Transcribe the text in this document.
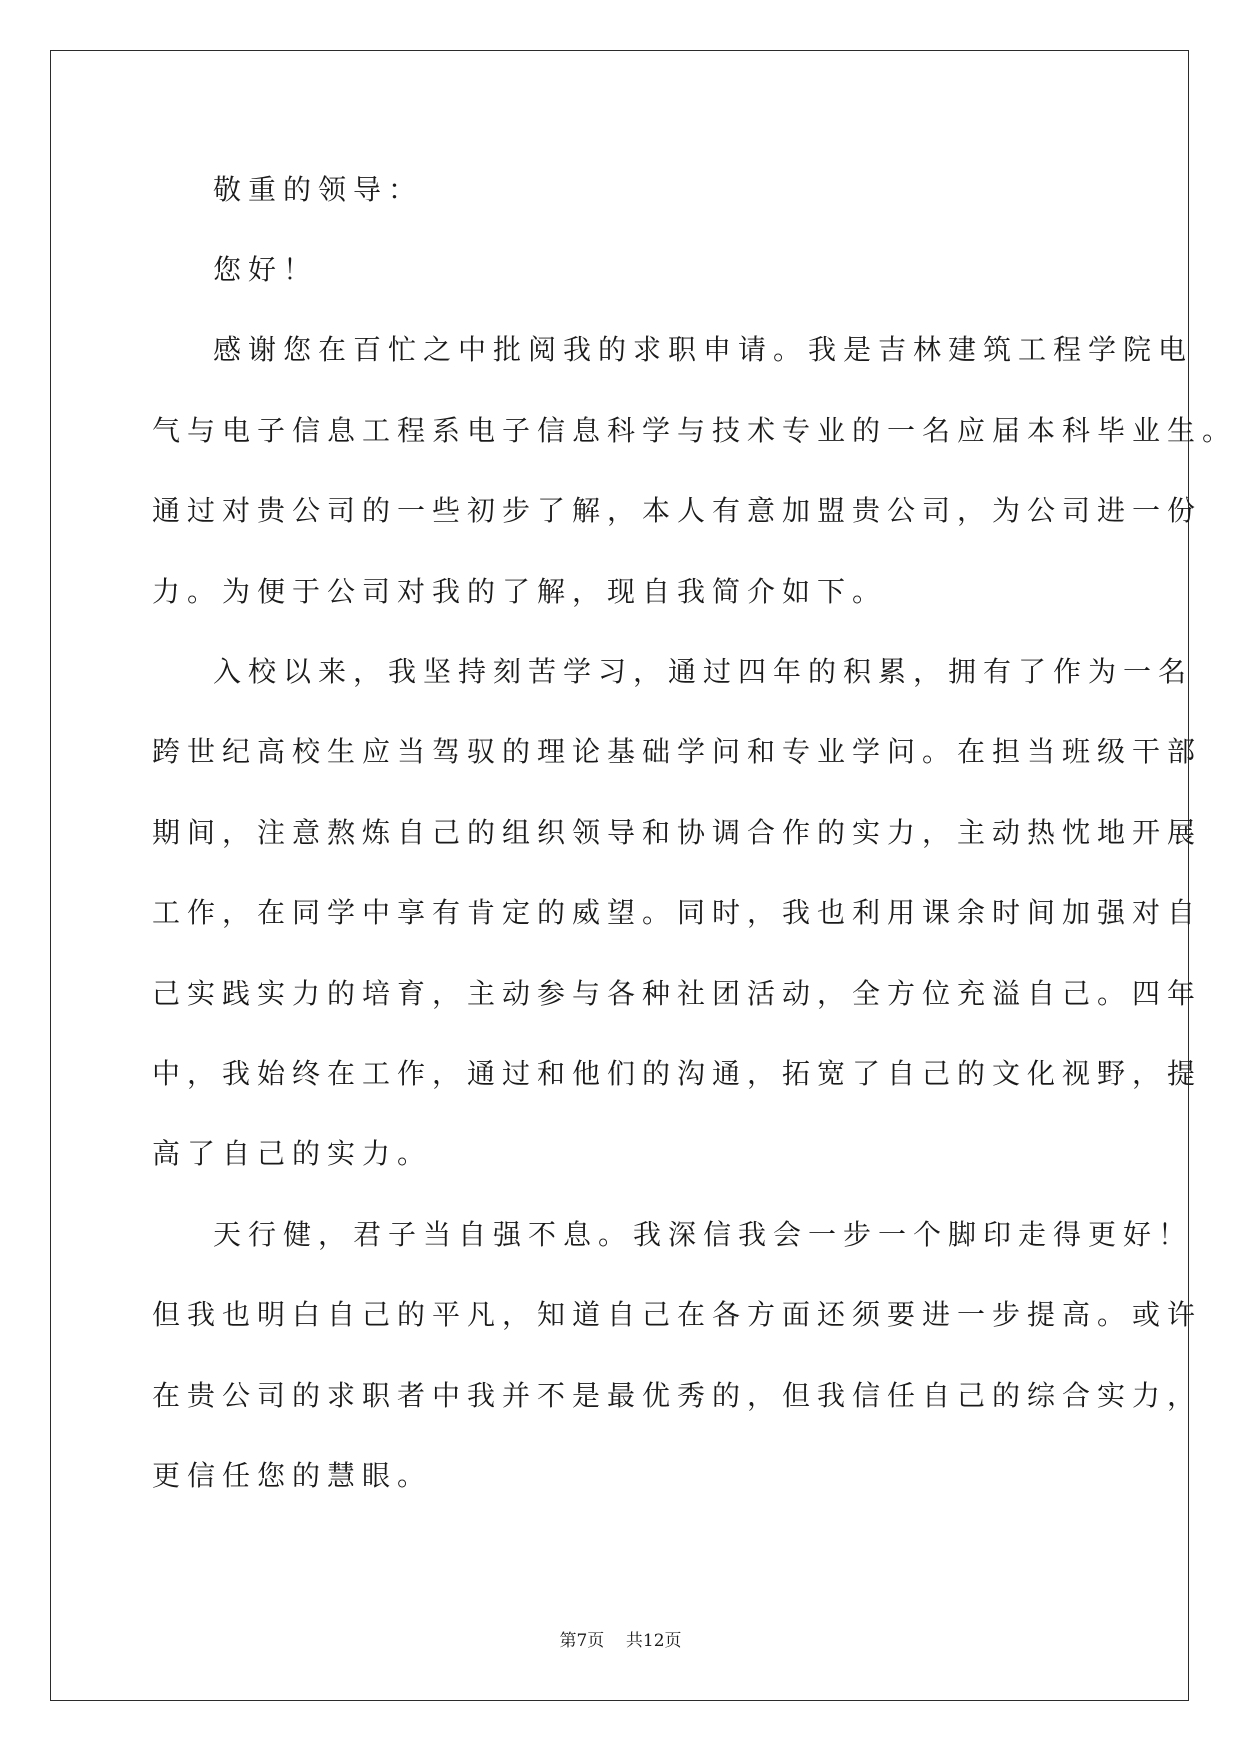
敬重的领导：

您好！

感谢您在百忙之中批阅我的求职申请。我是吉林建筑工程学院电

气与电子信息工程系电子信息科学与技术专业的一名应届本科毕业生。

通过对贵公司的一些初步了解，本人有意加盟贵公司，为公司进一份

力。为便于公司对我的了解，现自我简介如下。

入校以来，我坚持刻苦学习，通过四年的积累，拥有了作为一名

跨世纪高校生应当驾驭的理论基础学问和专业学问。在担当班级干部

期间，注意熬炼自己的组织领导和协调合作的实力，主动热忱地开展

工作，在同学中享有肯定的威望。同时，我也利用课余时间加强对自

己实践实力的培育，主动参与各种社团活动，全方位充溢自己。四年

中，我始终在工作，通过和他们的沟通，拓宽了自己的文化视野，提

高了自己的实力。

天行健，君子当自强不息。我深信我会一步一个脚印走得更好！

但我也明白自己的平凡，知道自己在各方面还须要进一步提高。或许

在贵公司的求职者中我并不是最优秀的，但我信任自己的综合实力，

更信任您的慧眼。

第7页    共12页
